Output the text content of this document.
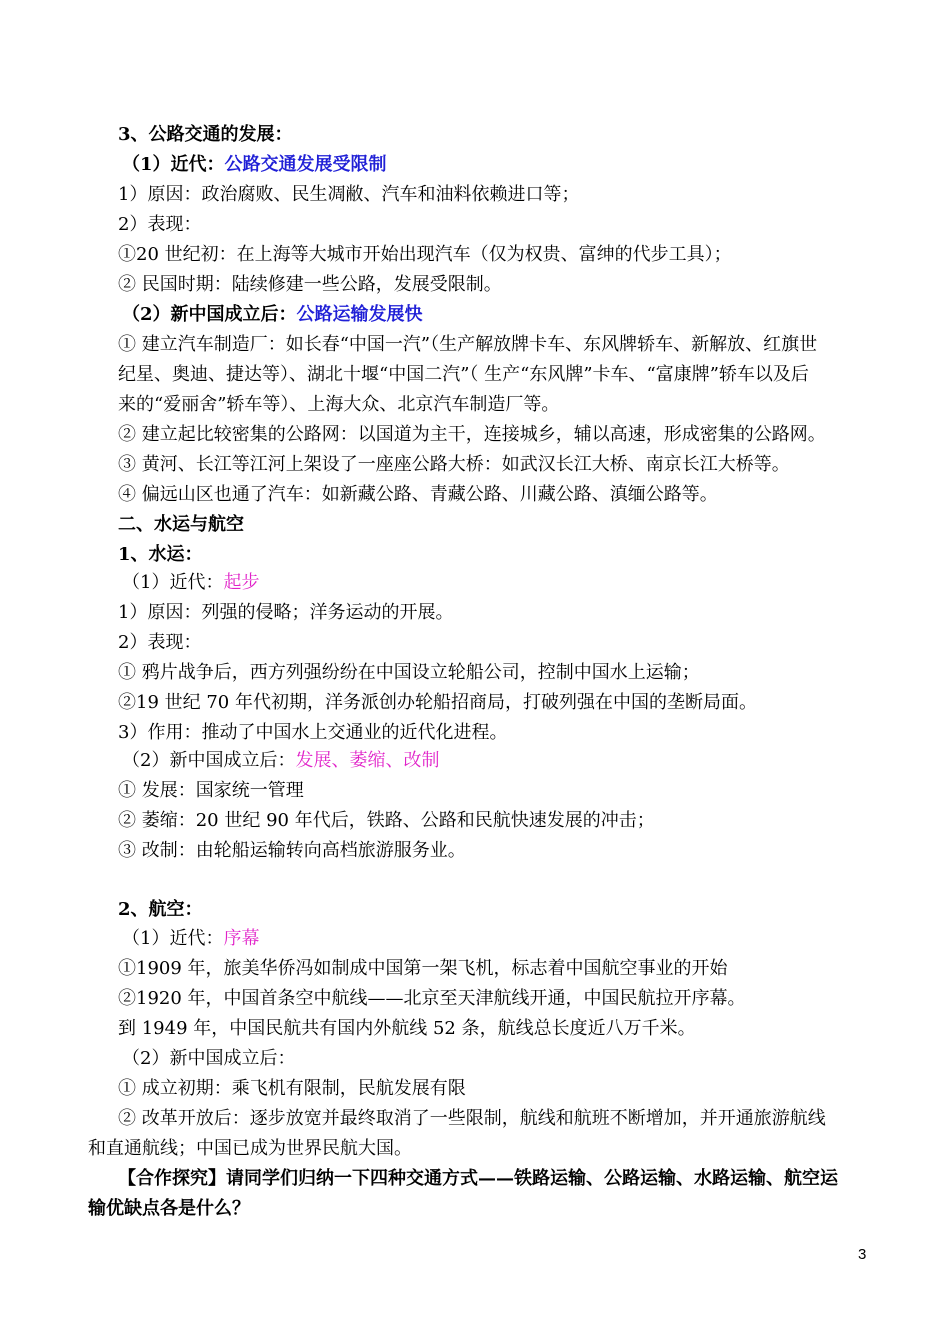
3、公路交通的发展：
（1）近代：公路交通发展受限制
1）原因：政治腐败、民生凋敝、汽车和油料依赖进口等；
2）表现：
①20 世纪初：在上海等大城市开始出现汽车（仅为权贵、富绅的代步工具）；
② 民国时期：陆续修建一些公路，发展受限制。
（2）新中国成立后：公路运输发展快
① 建立汽车制造厂：如长春“中国一汽”（生产解放牌卡车、东风牌轿车、新解放、红旗世
纪星、奥迪、捷达等）、湖北十堰“中国二汽”（ 生产“东风牌”卡车、“富康牌”轿车以及后
来的“爱丽舍”轿车等）、上海大众、北京汽车制造厂等。
② 建立起比较密集的公路网：以国道为主干，连接城乡，辅以高速，形成密集的公路网。
③ 黄河、长江等江河上架设了一座座公路大桥：如武汉长江大桥、南京长江大桥等。
④ 偏远山区也通了汽车：如新藏公路、青藏公路、川藏公路、滇缅公路等。
二、水运与航空
1、水运：
（1）近代：起步
1）原因：列强的侵略；洋务运动的开展。
2）表现：
① 鸦片战争后，西方列强纷纷在中国设立轮船公司，控制中国水上运输；
②19 世纪 70 年代初期，洋务派创办轮船招商局，打破列强在中国的垄断局面。
3）作用：推动了中国水上交通业的近代化进程。
（2）新中国成立后：发展、萎缩、改制
① 发展：国家统一管理
② 萎缩：20 世纪 90 年代后，铁路、公路和民航快速发展的冲击；
③ 改制：由轮船运输转向高档旅游服务业。
2、航空：
（1）近代：序幕
①1909 年，旅美华侨冯如制成中国第一架飞机，标志着中国航空事业的开始
②1920 年，中国首条空中航线——北京至天津航线开通，中国民航拉开序幕。
到 1949 年，中国民航共有国内外航线 52 条，航线总长度近八万千米。
（2）新中国成立后：
① 成立初期：乘飞机有限制，民航发展有限
② 改革开放后：逐步放宽并最终取消了一些限制，航线和航班不断增加，并开通旅游航线
和直通航线；中国已成为世界民航大国。
【合作探究】请同学们归纳一下四种交通方式——铁路运输、公路运输、水路运输、航空运
输优缺点各是什么？
3
